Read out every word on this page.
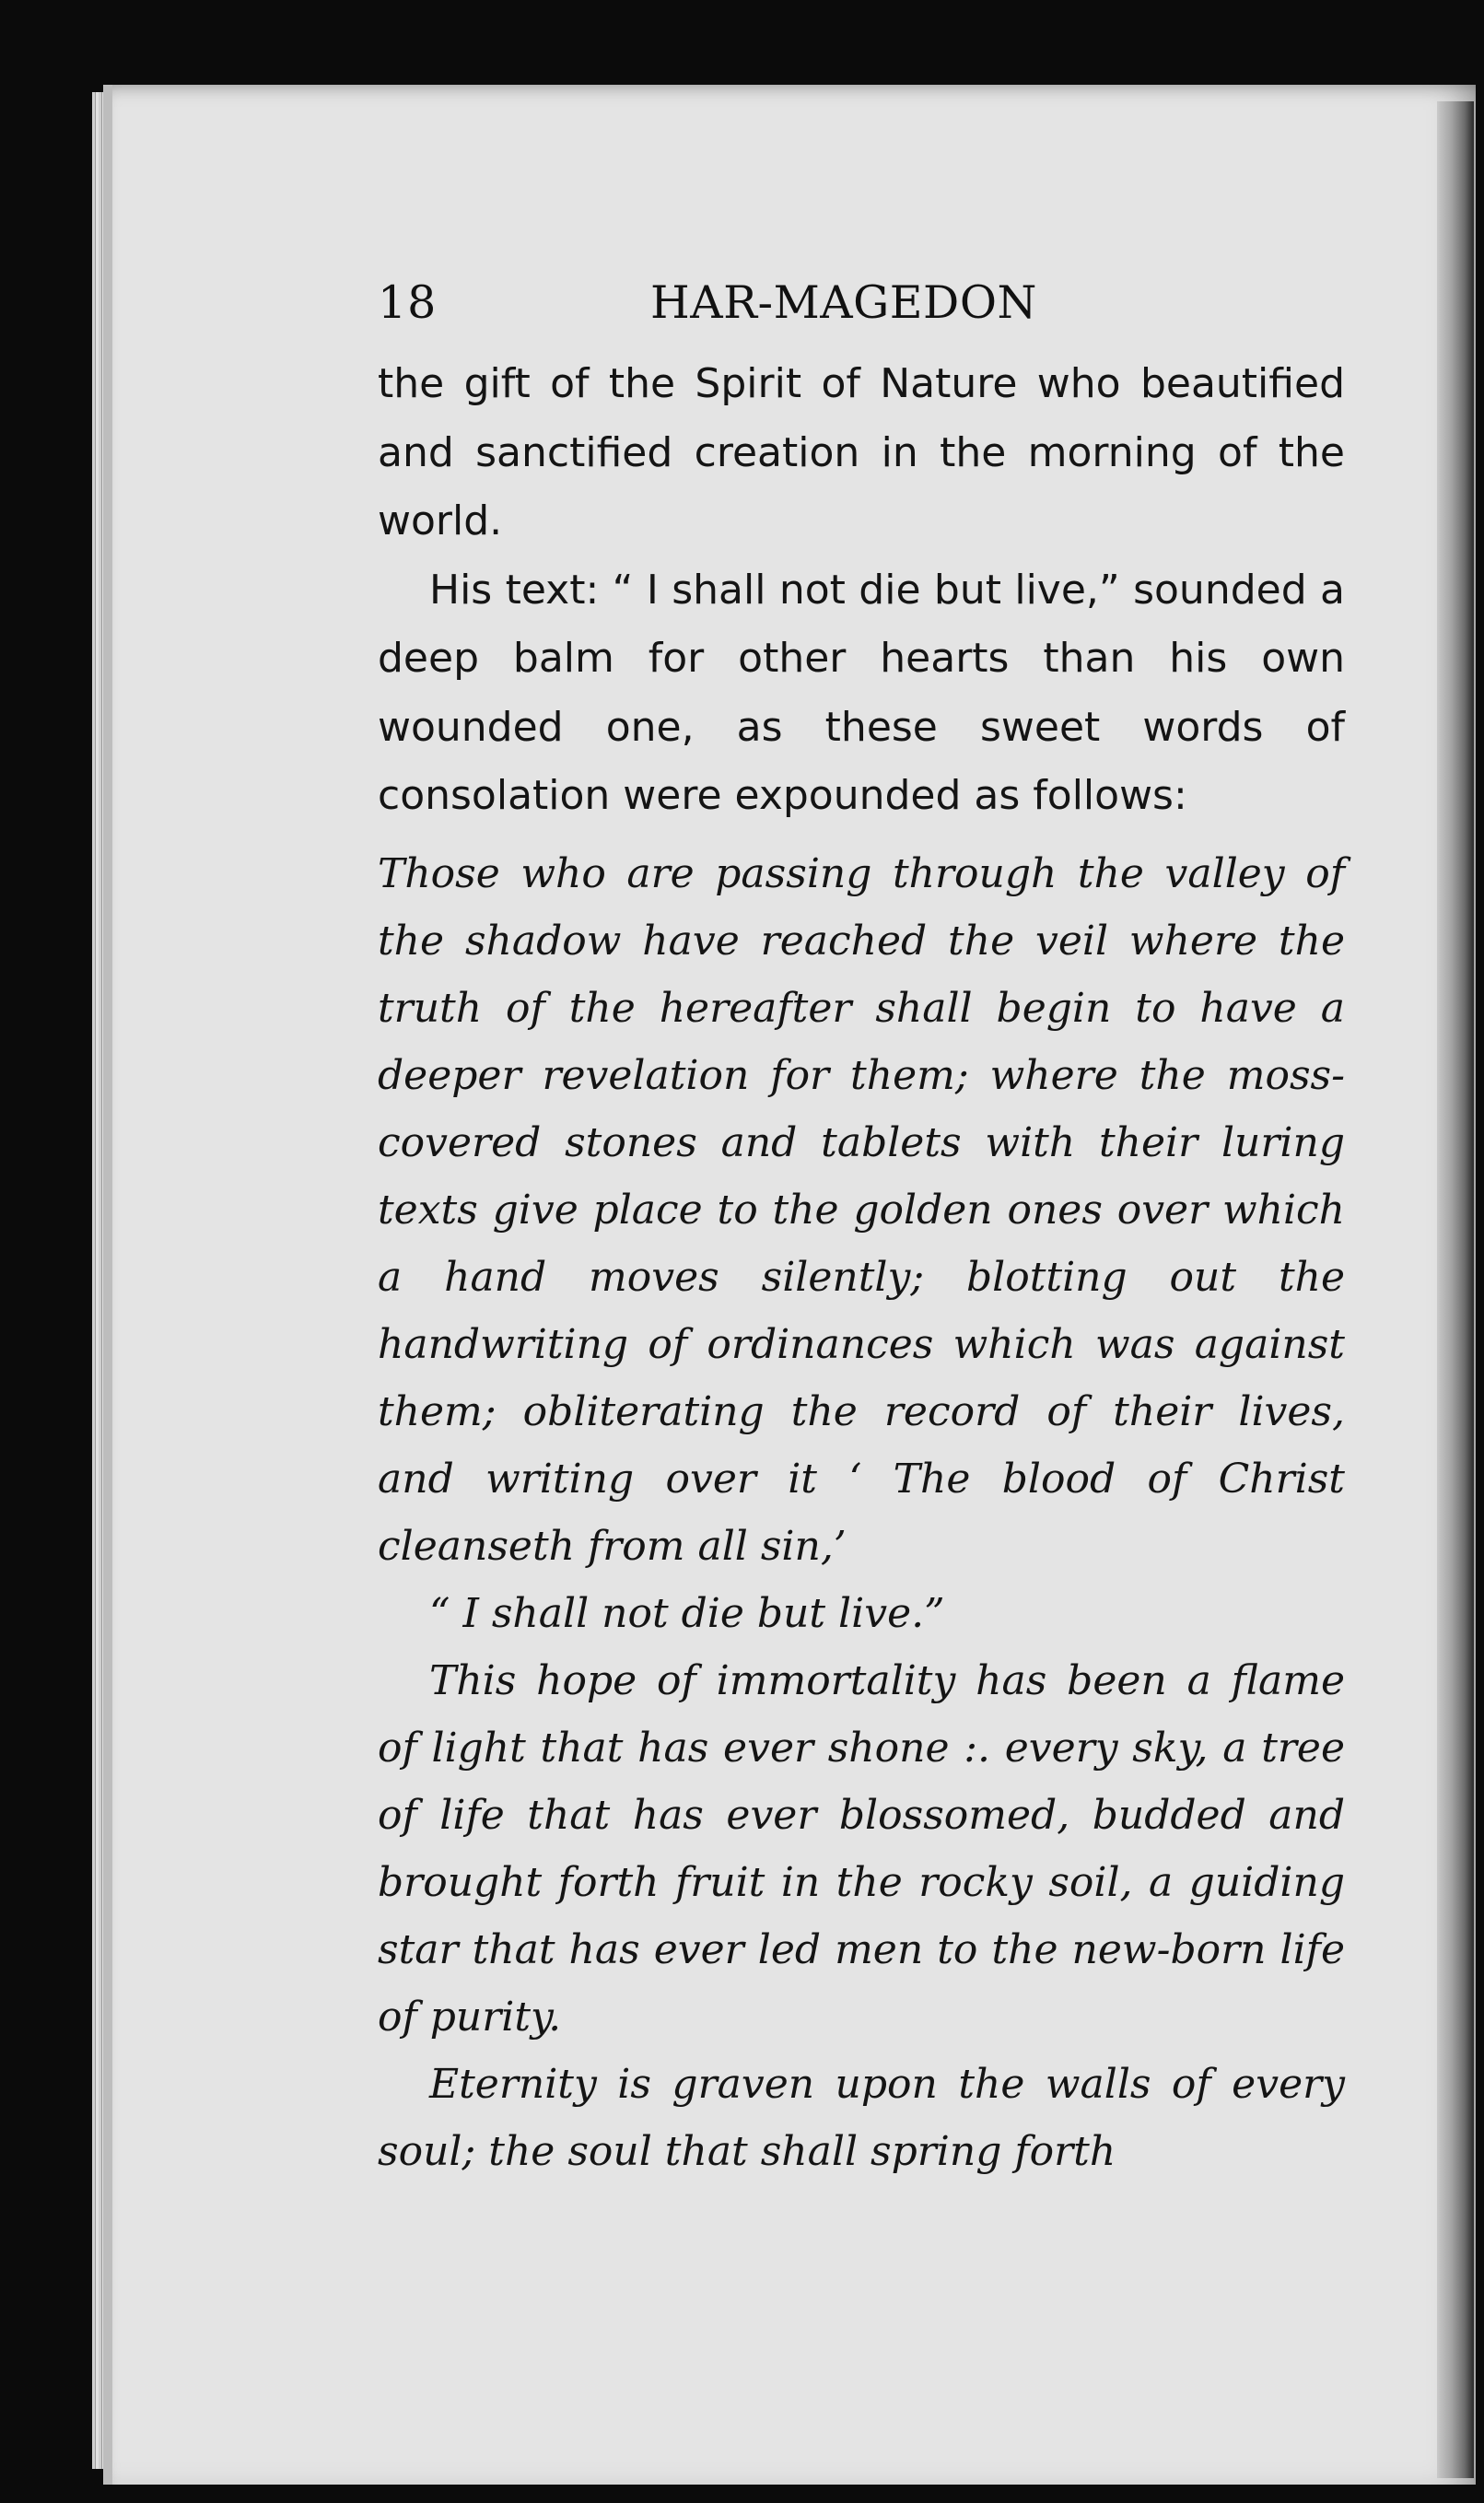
18	HAR-MAGEDON

the gift of the Spirit of Nature who beautified and sanctified creation in the morning of the world.

His text: “ I shall not die but live,” sounded a deep balm for other hearts than his own wounded one, as these sweet words of consolation were expounded as follows:

Those who are passing through the valley of the shadow have reached the veil where the truth of the hereafter shall begin to have a deeper revelation for them; where the moss-covered stones and tablets with their luring texts give place to the golden ones over which a hand moves silently; blotting out the handwriting of ordinances which was against them; obliterating the record of their lives, and writing over it ‘ The blood of Christ cleanseth from all sin,’

“ I shall not die but live.”

This hope of immortality has been a flame of light that has ever shone :. every sky, a tree of life that has ever blossomed, budded and brought forth fruit in the rocky soil, a guiding star that has ever led men to the new-born life of purity.

Eternity is graven upon the walls of every soul; the soul that shall spring forth
